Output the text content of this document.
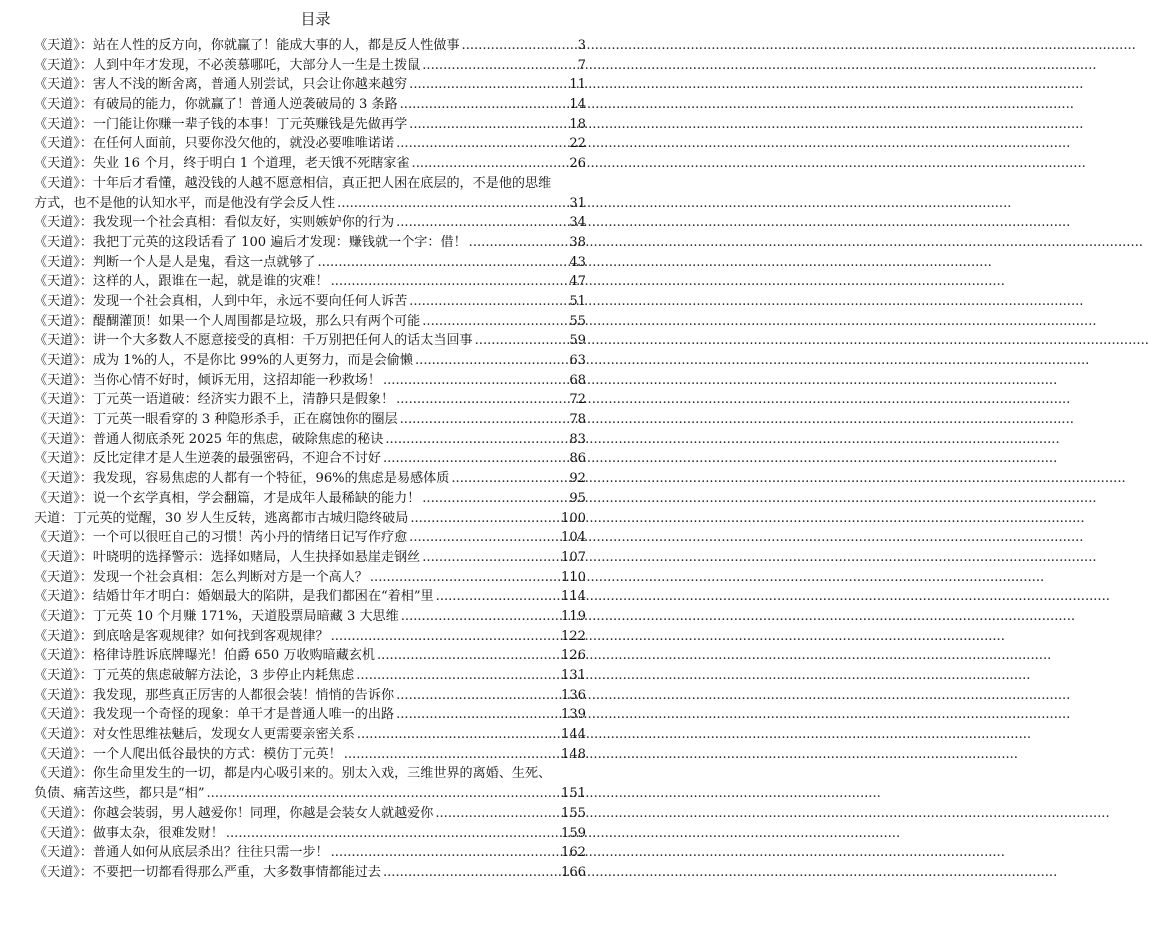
目录
《天道》：站在人性的反方向，你就赢了！能成大事的人，都是反人性做事 .....	3
《天道》：人到中年才发现，不必羡慕哪吒，大部分人一生是土拨鼠 .....	7
《天道》：害人不浅的断舍离，普通人别尝试，只会让你越来越穷 .....	11
《天道》：有破局的能力，你就赢了！普通人逆袭破局的 3 条路 .....	14
《天道》：一门能让你赚一辈子钱的本事！丁元英赚钱是先做再学 .....	18
《天道》：在任何人面前，只要你没欠他的，就没必要唯唯诺诺 .....	22
《天道》：失业 16 个月，终于明白 1 个道理，老天饿不死瞎家雀 .....	26
《天道》：十年后才看懂，越没钱的人越不愿意相信，真正把人困在底层的，不是他的思维
方式，也不是他的认知水平，而是他没有学会反人性 .....	31
《天道》：我发现一个社会真相：看似友好，实则嫉妒你的行为 .....	34
《天道》：我把丁元英的这段话看了 100 遍后才发现：赚钱就一个字：借！ .....	38
《天道》：判断一个人是人是鬼，看这一点就够了 .....	43
《天道》：这样的人，跟谁在一起，就是谁的灾难！ .....	47
《天道》：发现一个社会真相，人到中年，永远不要向任何人诉苦 .....	51
《天道》：醍醐灌顶！如果一个人周围都是垃圾，那么只有两个可能 .....	55
《天道》：讲一个大多数人不愿意接受的真相：千万别把任何人的话太当回事 .....	59
《天道》：成为 1%的人，不是你比 99%的人更努力，而是会偷懒 .....	63
《天道》：当你心情不好时，倾诉无用，这招却能一秒救场！ .....	68
《天道》：丁元英一语道破：经济实力跟不上，清静只是假象！ .....	72
《天道》：丁元英一眼看穿的 3 种隐形杀手，正在腐蚀你的圈层 .....	78
《天道》：普通人彻底杀死 2025 年的焦虑，破除焦虑的秘诀 .....	83
《天道》：反比定律才是人生逆袭的最强密码，不迎合不讨好 .....	86
《天道》：我发现，容易焦虑的人都有一个特征，96%的焦虑是易感体质 .....	92
《天道》：说一个玄学真相，学会翻篇，才是成年人最稀缺的能力！ .....	95
天道：丁元英的觉醒，30 岁人生反转，逃离都市古城归隐终破局 .....	100
《天道》：一个可以很旺自己的习惯！芮小丹的情绪日记写作疗愈 .....	104
《天道》：叶晓明的选择警示：选择如赌局，人生抉择如悬崖走钢丝 .....	107
《天道》：发现一个社会真相：怎么判断对方是一个高人？ .....	110
《天道》：结婚廿年才明白：婚姻最大的陷阱，是我们都困在“着相”里 .....	114
《天道》：丁元英 10 个月赚 171%，天道股票局暗藏 3 大思维 .....	119
《天道》：到底啥是客观规律？如何找到客观规律？ .....	122
《天道》：格律诗胜诉底牌曝光！伯爵 650 万收购暗藏玄机 .....	126
《天道》：丁元英的焦虑破解方法论，3 步停止内耗焦虑 .....	131
《天道》：我发现，那些真正厉害的人都很会装！悄悄的告诉你 .....	136
《天道》：我发现一个奇怪的现象：单干才是普通人唯一的出路 .....	139
《天道》：对女性思维祛魅后，发现女人更需要亲密关系 .....	144
《天道》：一个人爬出低谷最快的方式：模仿丁元英！ .....	148
《天道》：你生命里发生的一切，都是内心吸引来的。别太入戏，三维世界的离婚、生死、
负债、痛苦这些，都只是“相” .....	151
《天道》：你越会装弱，男人越爱你！同理，你越是会装女人就越爱你 .....	155
《天道》：做事太杂，很难发财！ .....	159
《天道》：普通人如何从底层杀出？往往只需一步！ .....	162
《天道》：不要把一切都看得那么严重，大多数事情都能过去 .....	166
